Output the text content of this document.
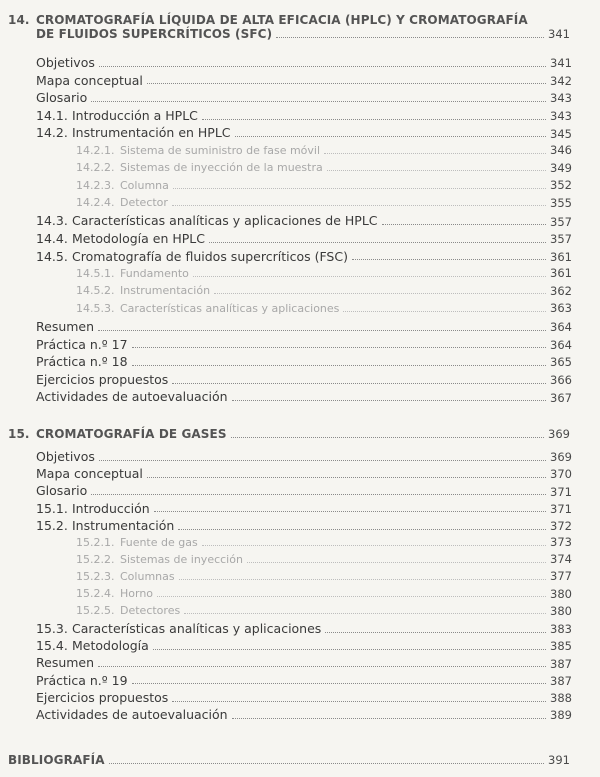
14. CROMATOGRAFÍA LÍQUIDA DE ALTA EFICACIA (HPLC) Y CROMATOGRAFÍA
DE FLUIDOS SUPERCRÍTICOS (SFC)	341
Objetivos	341
Mapa conceptual	342
Glosario	343
14.1. Introducción a HPLC	343
14.2. Instrumentación en HPLC	345
14.2.1. Sistema de suministro de fase móvil	346
14.2.2. Sistemas de inyección de la muestra	349
14.2.3. Columna	352
14.2.4. Detector	355
14.3. Características analíticas y aplicaciones de HPLC	357
14.4. Metodología en HPLC	357
14.5. Cromatografía de fluidos supercríticos (FSC)	361
14.5.1. Fundamento	361
14.5.2. Instrumentación	362
14.5.3. Características analíticas y aplicaciones	363
Resumen	364
Práctica n.º 17	364
Práctica n.º 18	365
Ejercicios propuestos	366
Actividades de autoevaluación	367
15. CROMATOGRAFÍA DE GASES	369
Objetivos	369
Mapa conceptual	370
Glosario	371
15.1. Introducción	371
15.2. Instrumentación	372
15.2.1. Fuente de gas	373
15.2.2. Sistemas de inyección	374
15.2.3. Columnas	377
15.2.4. Horno	380
15.2.5. Detectores	380
15.3. Características analíticas y aplicaciones	383
15.4. Metodología	385
Resumen	387
Práctica n.º 19	387
Ejercicios propuestos	388
Actividades de autoevaluación	389
BIBLIOGRAFÍA	391
